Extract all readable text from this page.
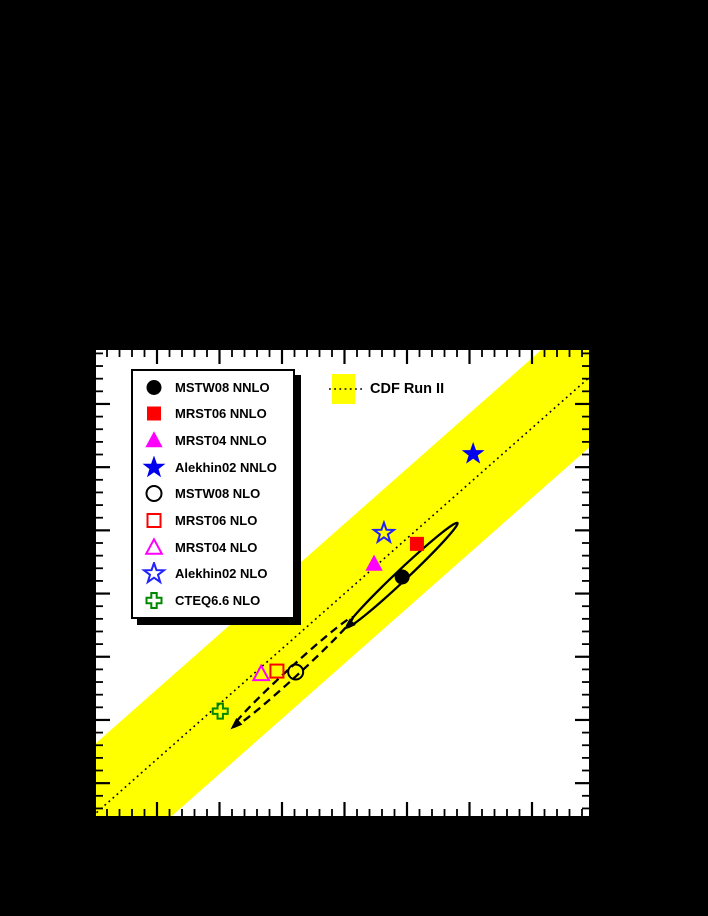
MSTW08 NNLO
MRST06 NNLO
MRST04 NNLO
Alekhin02 NNLO
MSTW08 NLO
MRST06 NLO
MRST04 NLO
Alekhin02 NLO
CTEQ6.6 NLO
CDF Run II
